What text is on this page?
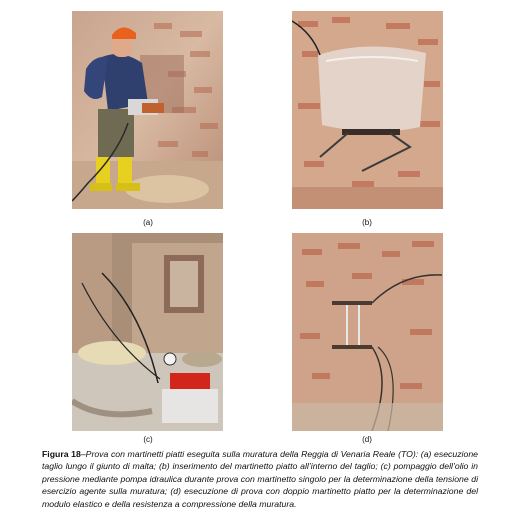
(a)	(b)
(c)	(d)
Figura 18–Prova con martinetti piatti eseguita sulla muratura della Reggia di Venaria Reale (TO): (a) esecuzione taglio lungo il giunto di malta; (b) inserimento del martinetto piatto all’interno del taglio; (c) pompaggio dell’olio in pressione mediante pompa idraulica durante prova con martinetto singolo per la determinazione della tensione di esercizio agente sulla muratura; (d) esecuzione di prova con doppio martinetto piatto per la determinazione del modulo elastico e della resistenza a compressione della muratura.
